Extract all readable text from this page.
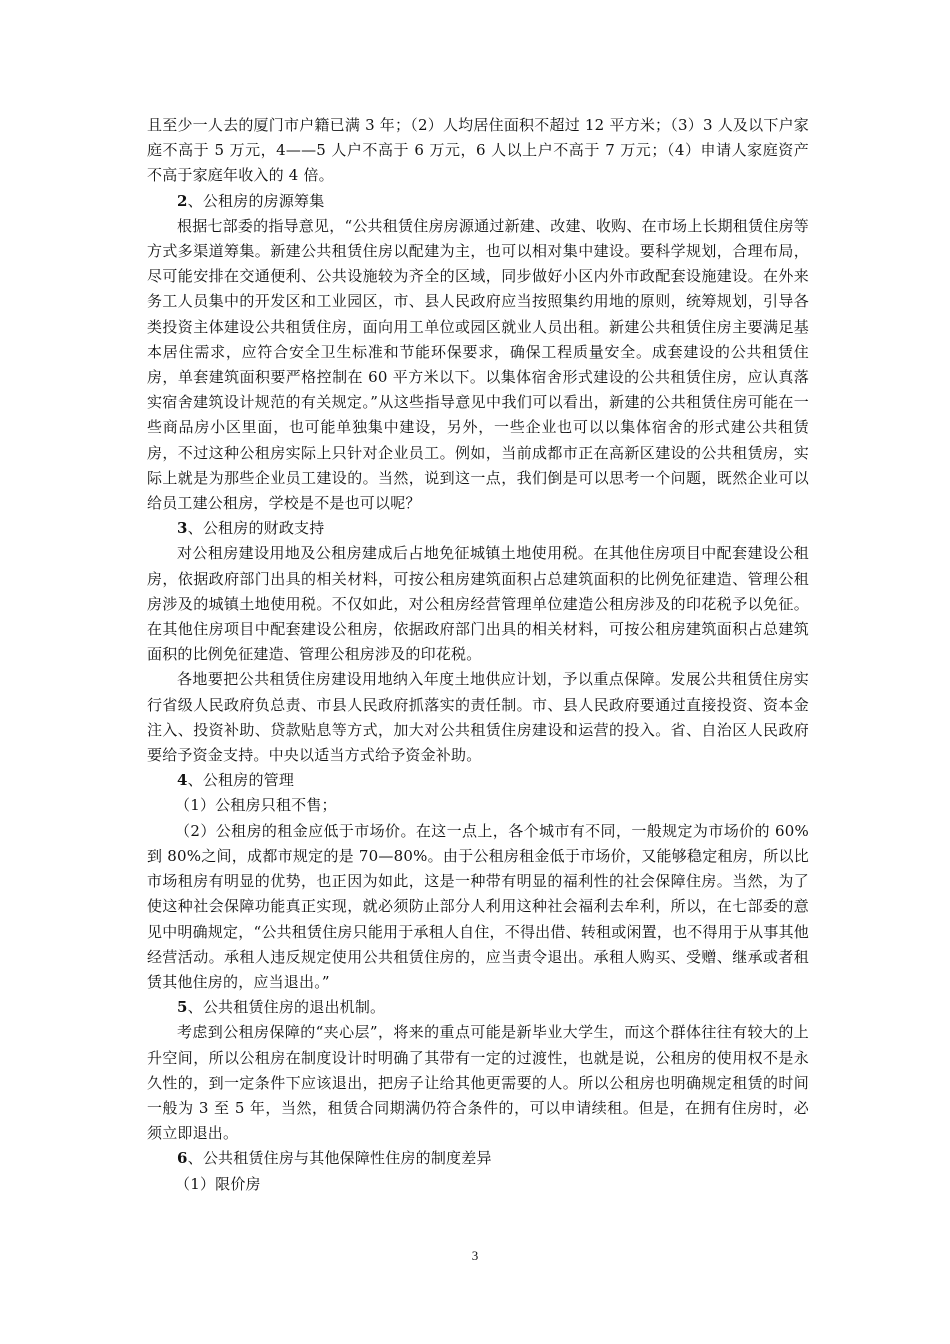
且至少一人去的厦门市户籍已满 3 年；（2）人均居住面积不超过 12 平方米；（3）3 人及以下户家庭不高于 5 万元，4——5 人户不高于 6 万元，6 人以上户不高于 7 万元；（4）申请人家庭资产不高于家庭年收入的 4 倍。

2、公租房的房源筹集

根据七部委的指导意见，“公共租赁住房房源通过新建、改建、收购、在市场上长期租赁住房等方式多渠道筹集。新建公共租赁住房以配建为主，也可以相对集中建设。要科学规划，合理布局，尽可能安排在交通便利、公共设施较为齐全的区域，同步做好小区内外市政配套设施建设。在外来务工人员集中的开发区和工业园区，市、县人民政府应当按照集约用地的原则，统筹规划，引导各类投资主体建设公共租赁住房，面向用工单位或园区就业人员出租。新建公共租赁住房主要满足基本居住需求，应符合安全卫生标准和节能环保要求，确保工程质量安全。成套建设的公共租赁住房，单套建筑面积要严格控制在 60 平方米以下。以集体宿舍形式建设的公共租赁住房，应认真落实宿舍建筑设计规范的有关规定。”从这些指导意见中我们可以看出，新建的公共租赁住房可能在一些商品房小区里面，也可能单独集中建设，另外，一些企业也可以以集体宿舍的形式建公共租赁房，不过这种公租房实际上只针对企业员工。例如，当前成都市正在高新区建设的公共租赁房，实际上就是为那些企业员工建设的。当然，说到这一点，我们倒是可以思考一个问题，既然企业可以给员工建公租房，学校是不是也可以呢？

3、公租房的财政支持

对公租房建设用地及公租房建成后占地免征城镇土地使用税。在其他住房项目中配套建设公租房，依据政府部门出具的相关材料，可按公租房建筑面积占总建筑面积的比例免征建造、管理公租房涉及的城镇土地使用税。不仅如此，对公租房经营管理单位建造公租房涉及的印花税予以免征。在其他住房项目中配套建设公租房，依据政府部门出具的相关材料，可按公租房建筑面积占总建筑面积的比例免征建造、管理公租房涉及的印花税。

各地要把公共租赁住房建设用地纳入年度土地供应计划，予以重点保障。发展公共租赁住房实行省级人民政府负总责、市县人民政府抓落实的责任制。市、县人民政府要通过直接投资、资本金注入、投资补助、贷款贴息等方式，加大对公共租赁住房建设和运营的投入。省、自治区人民政府要给予资金支持。中央以适当方式给予资金补助。

4、公租房的管理

（1）公租房只租不售；

（2）公租房的租金应低于市场价。在这一点上，各个城市有不同，一般规定为市场价的 60%到 80%之间，成都市规定的是 70—80%。由于公租房租金低于市场价，又能够稳定租房，所以比市场租房有明显的优势，也正因为如此，这是一种带有明显的福利性的社会保障住房。当然，为了使这种社会保障功能真正实现，就必须防止部分人利用这种社会福利去牟利，所以，在七部委的意见中明确规定，“公共租赁住房只能用于承租人自住，不得出借、转租或闲置，也不得用于从事其他经营活动。承租人违反规定使用公共租赁住房的，应当责令退出。承租人购买、受赠、继承或者租赁其他住房的，应当退出。”

5、公共租赁住房的退出机制。

考虑到公租房保障的“夹心层”，将来的重点可能是新毕业大学生，而这个群体往往有较大的上升空间，所以公租房在制度设计时明确了其带有一定的过渡性，也就是说，公租房的使用权不是永久性的，到一定条件下应该退出，把房子让给其他更需要的人。所以公租房也明确规定租赁的时间一般为 3 至 5 年，当然，租赁合同期满仍符合条件的，可以申请续租。但是，在拥有住房时，必须立即退出。

6、公共租赁住房与其他保障性住房的制度差异

（1）限价房

3
